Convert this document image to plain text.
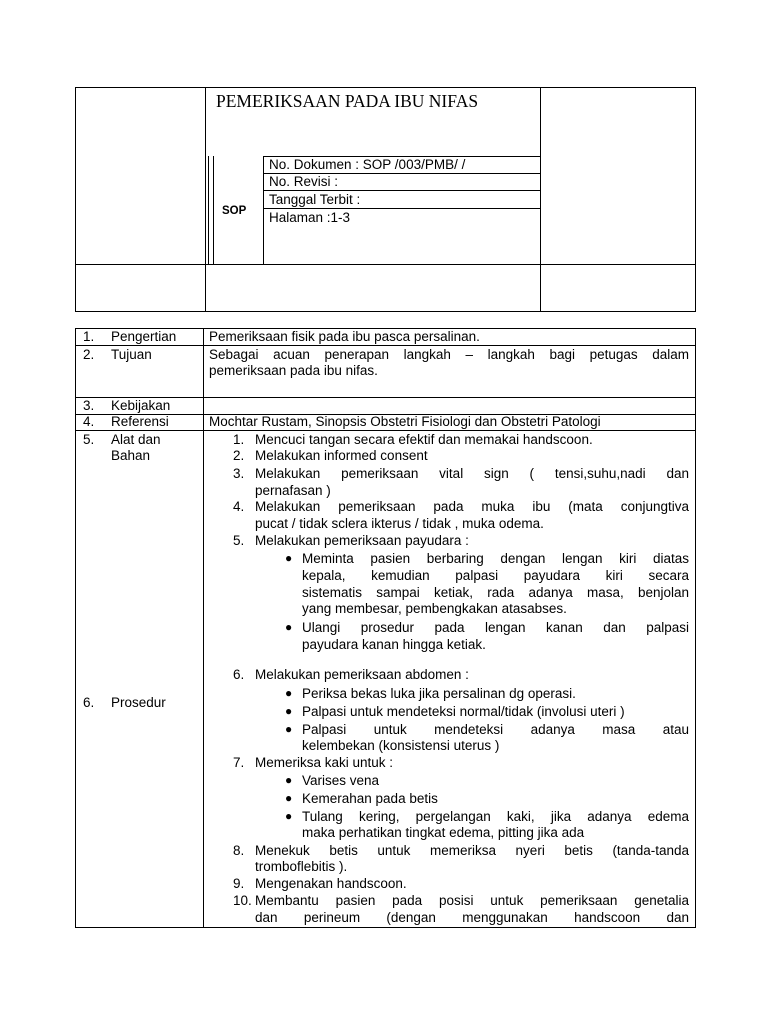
PEMERIKSAAN PADA IBU NIFAS
SOP
No. Dokumen : SOP /003/PMB/ /
No. Revisi :
Tanggal Terbit :
Halaman :1-3
1. Pengertian
2. Tujuan
3. Kebijakan
4. Referensi
5. Alat dan
Bahan
6. Prosedur
Pemeriksaan fisik pada ibu pasca persalinan.
Sebagai acuan penerapan langkah – langkah bagi petugas dalam
pemeriksaan pada ibu nifas.
Mochtar Rustam, Sinopsis Obstetri Fisiologi dan Obstetri Patologi
1. Mencuci tangan secara efektif dan memakai handscoon.
2. Melakukan informed consent
3. Melakukan pemeriksaan vital sign ( tensi,suhu,nadi dan
pernafasan )
4. Melakukan pemeriksaan pada muka ibu (mata conjungtiva
pucat / tidak sclera ikterus / tidak , muka odema.
5. Melakukan pemeriksaan payudara :
● Meminta pasien berbaring dengan lengan kiri diatas
kepala, kemudian palpasi payudara kiri secara
sistematis sampai ketiak, rada adanya masa, benjolan
yang membesar, pembengkakan atasabses.
● Ulangi prosedur pada lengan kanan dan palpasi
payudara kanan hingga ketiak.
6. Melakukan pemeriksaan abdomen :
● Periksa bekas luka jika persalinan dg operasi.
● Palpasi untuk mendeteksi normal/tidak (involusi uteri )
● Palpasi untuk mendeteksi adanya masa atau
kelembekan (konsistensi uterus )
7. Memeriksa kaki untuk :
● Varises vena
● Kemerahan pada betis
● Tulang kering, pergelangan kaki, jika adanya edema
maka perhatikan tingkat edema, pitting jika ada
8. Menekuk betis untuk memeriksa nyeri betis (tanda-tanda
tromboflebitis ).
9. Mengenakan handscoon.
10. Membantu pasien pada posisi untuk pemeriksaan genetalia
dan perineum (dengan menggunakan handscoon dan
